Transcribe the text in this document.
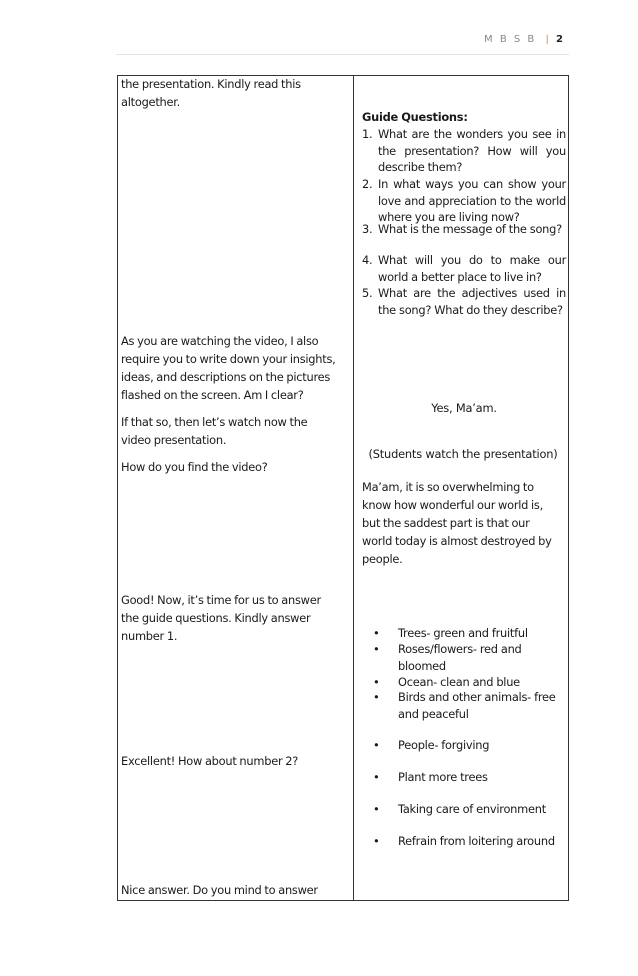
M B S B | 2
the presentation. Kindly read this
altogether.
As you are watching the video, I also
require you to write down your insights,
ideas, and descriptions on the pictures
flashed on the screen. Am I clear?
If that so, then let’s watch now the
video presentation.
How do you find the video?
Good! Now, it’s time for us to answer
the guide questions. Kindly answer
number 1.
Excellent! How about number 2?
Nice answer. Do you mind to answer
Guide Questions:
1. What are the wonders you see in the presentation? How will you describe them?
2. In what ways you can show your love and appreciation to the world where you are living now?
3. What is the message of the song?
4. What will you do to make our world a better place to live in?
5. What are the adjectives used in the song? What do they describe?
Yes, Ma’am.
(Students watch the presentation)
Ma’am, it is so overwhelming to
know how wonderful our world is,
but the saddest part is that our
world today is almost destroyed by
people.
• Trees- green and fruitful
• Roses/flowers- red and bloomed
• Ocean- clean and blue
• Birds and other animals- free and peaceful
• People- forgiving
• Plant more trees
• Taking care of environment
• Refrain from loitering around
